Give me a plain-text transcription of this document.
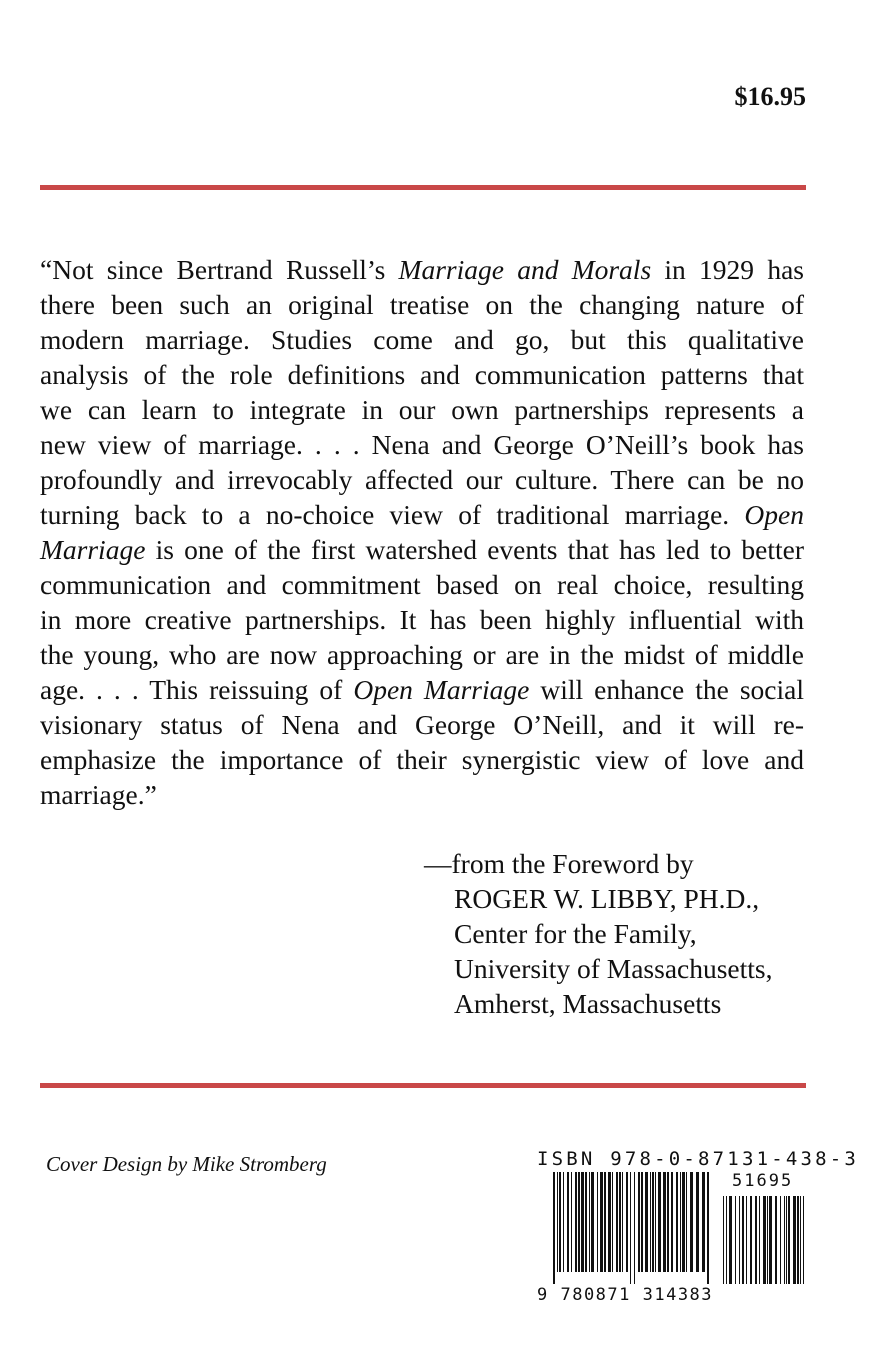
$16.95
“Not since Bertrand Russell’s Marriage and Morals in 1929 has
there been such an original treatise on the changing nature of
modern marriage. Studies come and go, but this qualitative
analysis of the role definitions and communication patterns that
we can learn to integrate in our own partnerships represents a
new view of marriage. . . . Nena and George O’Neill’s book has
profoundly and irrevocably affected our culture. There can be no
turning back to a no-choice view of traditional marriage. Open
Marriage is one of the first watershed events that has led to better
communication and commitment based on real choice, resulting
in more creative partnerships. It has been highly influential with
the young, who are now approaching or are in the midst of middle
age. . . . This reissuing of Open Marriage will enhance the social
visionary status of Nena and George O’Neill, and it will re-
emphasize the importance of their synergistic view of love and
marriage.”
—from the Foreword by
ROGER W. LIBBY, PH.D.,
Center for the Family,
University of Massachusetts,
Amherst, Massachusetts
Cover Design by Mike Stromberg	ISBN 978-0-87131-438-3
51695
9 780871 314383
